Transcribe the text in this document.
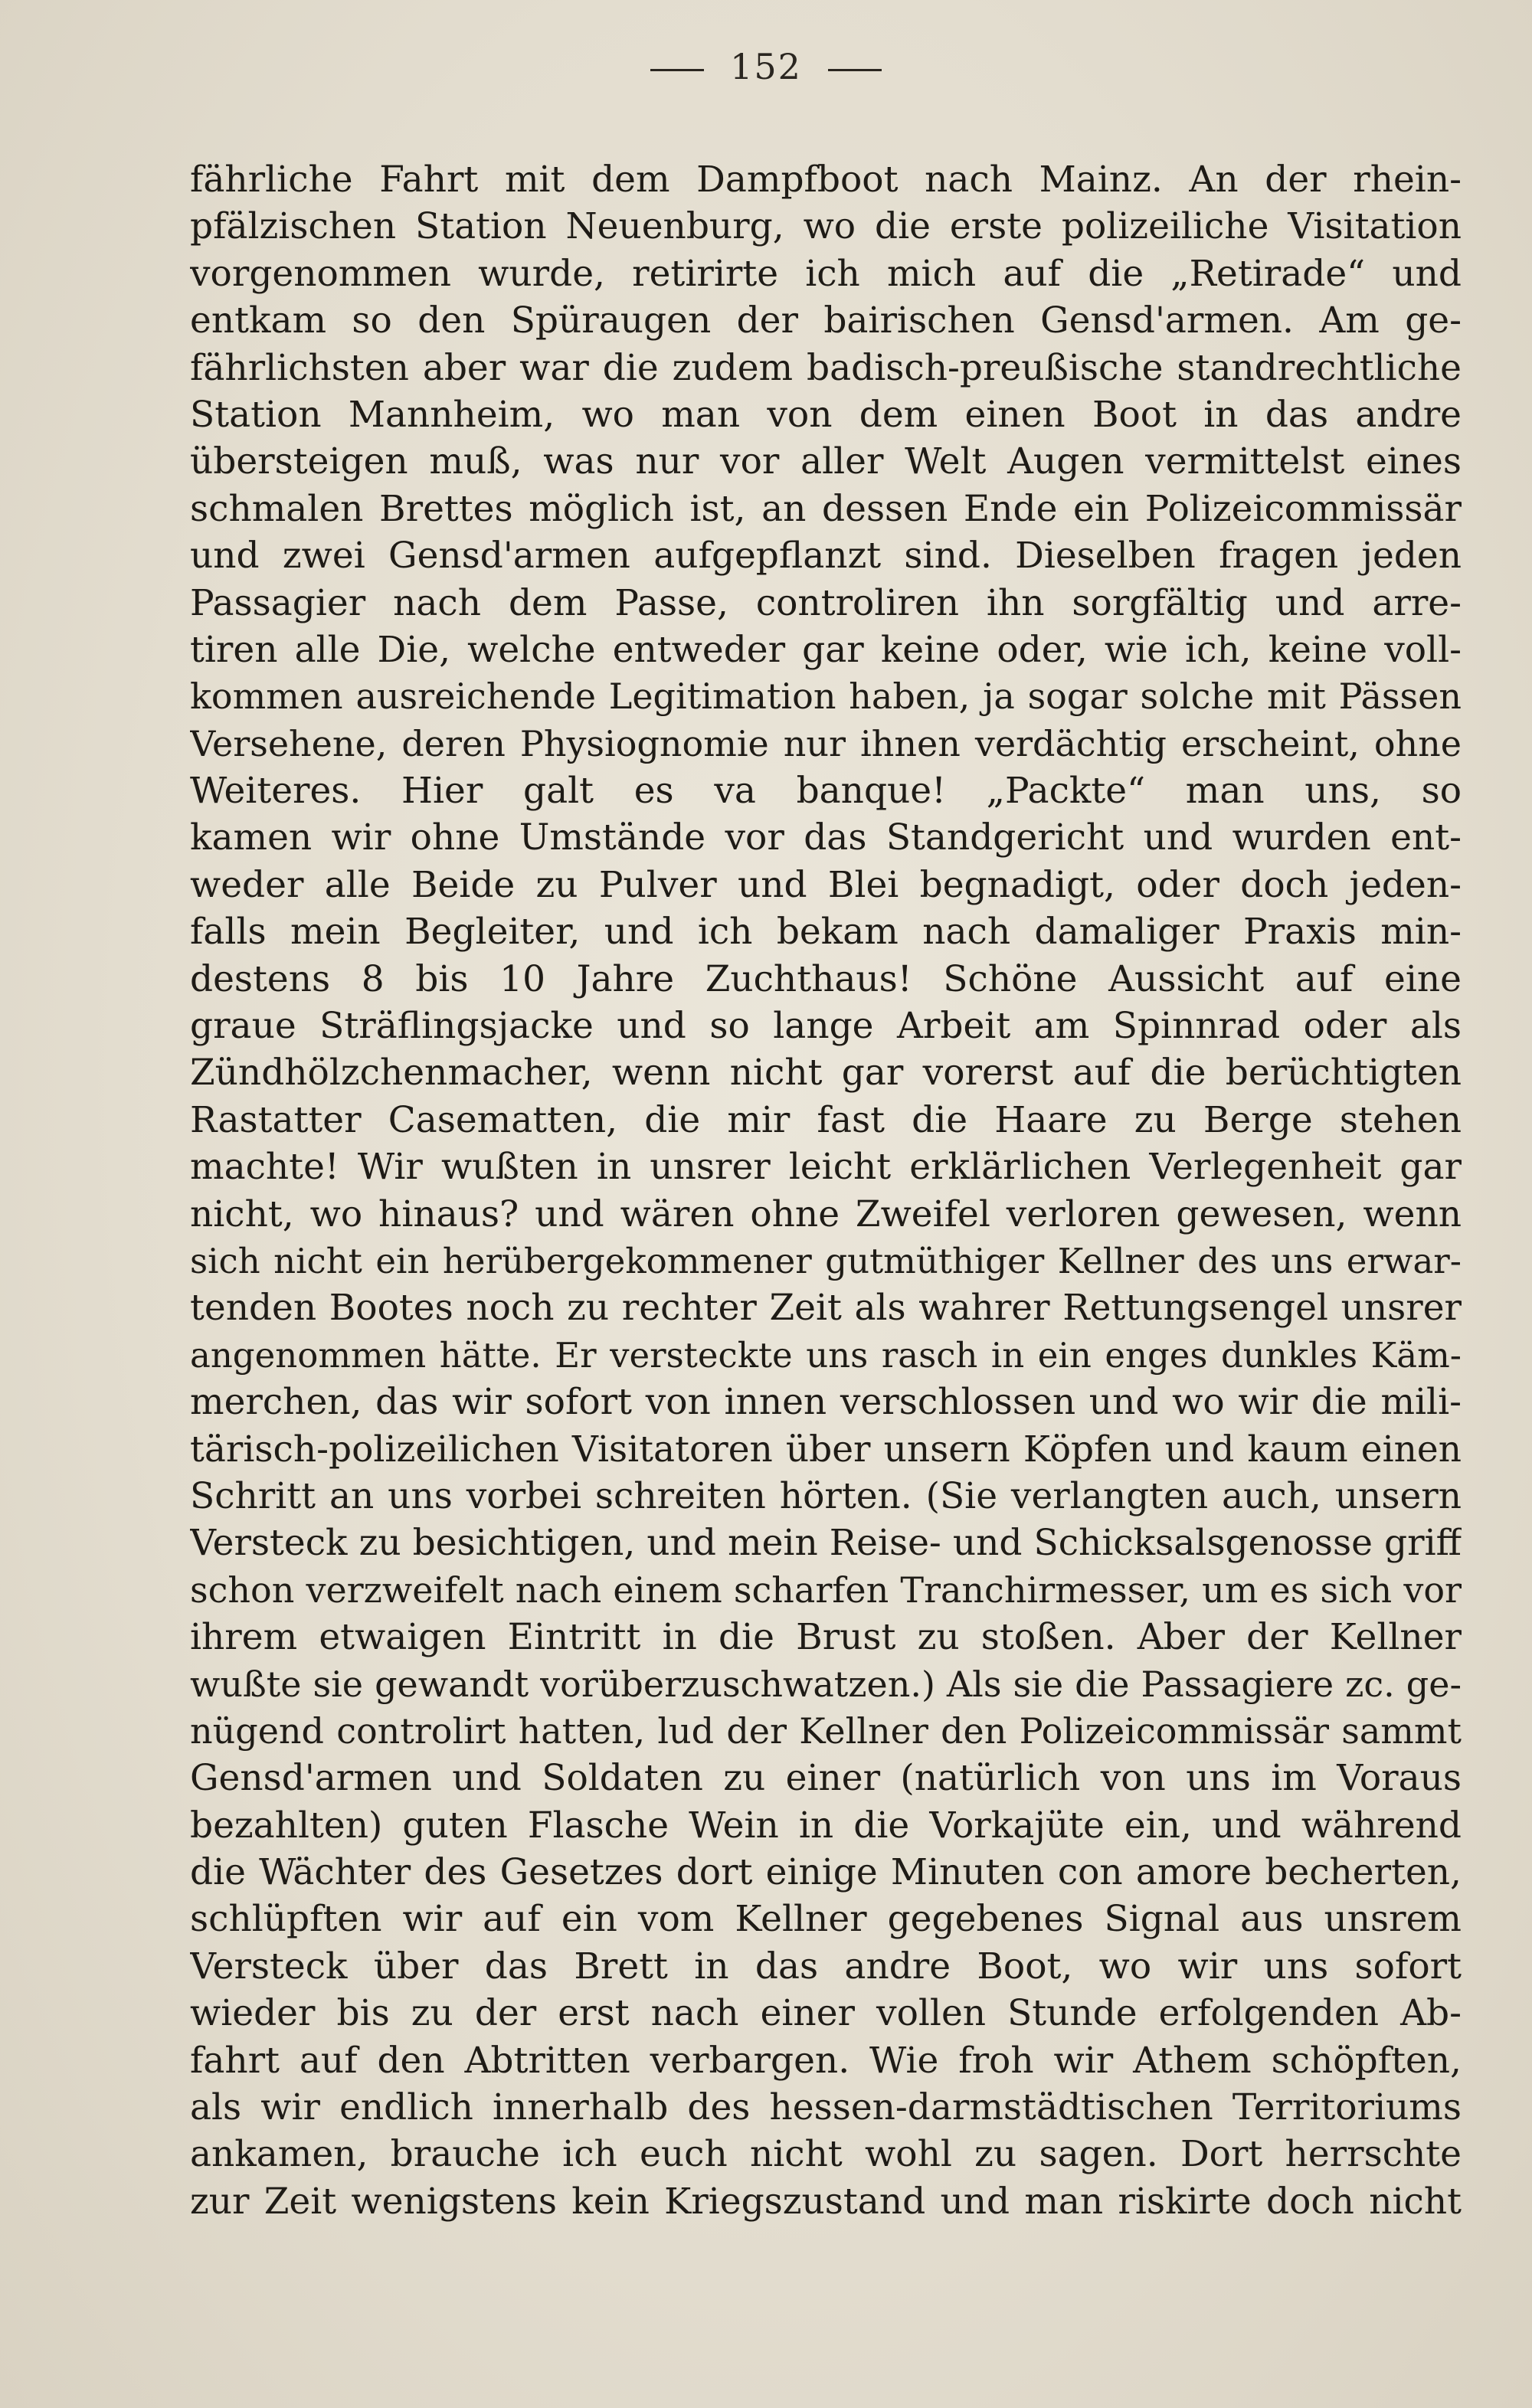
152
fährliche Fahrt mit dem Dampfboot nach Mainz. An der rhein-
pfälzischen Station Neuenburg, wo die erste polizeiliche Visitation
vorgenommen wurde, retirirte ich mich auf die „Retirade“ und
entkam so den Spüraugen der bairischen Gensd'armen. Am ge-
fährlichsten aber war die zudem badisch-preußische standrechtliche
Station Mannheim, wo man von dem einen Boot in das andre
übersteigen muß, was nur vor aller Welt Augen vermittelst eines
schmalen Brettes möglich ist, an dessen Ende ein Polizeicommissär
und zwei Gensd'armen aufgepflanzt sind. Dieselben fragen jeden
Passagier nach dem Passe, controliren ihn sorgfältig und arre-
tiren alle Die, welche entweder gar keine oder, wie ich, keine voll-
kommen ausreichende Legitimation haben, ja sogar solche mit Pässen
Versehene, deren Physiognomie nur ihnen verdächtig erscheint, ohne
Weiteres. Hier galt es va banque! „Packte“ man uns, so
kamen wir ohne Umstände vor das Standgericht und wurden ent-
weder alle Beide zu Pulver und Blei begnadigt, oder doch jeden-
falls mein Begleiter, und ich bekam nach damaliger Praxis min-
destens 8 bis 10 Jahre Zuchthaus! Schöne Aussicht auf eine
graue Sträflingsjacke und so lange Arbeit am Spinnrad oder als
Zündhölzchenmacher, wenn nicht gar vorerst auf die berüchtigten
Rastatter Casematten, die mir fast die Haare zu Berge stehen
machte! Wir wußten in unsrer leicht erklärlichen Verlegenheit gar
nicht, wo hinaus? und wären ohne Zweifel verloren gewesen, wenn
sich nicht ein herübergekommener gutmüthiger Kellner des uns erwar-
tenden Bootes noch zu rechter Zeit als wahrer Rettungsengel unsrer
angenommen hätte. Er versteckte uns rasch in ein enges dunkles Käm-
merchen, das wir sofort von innen verschlossen und wo wir die mili-
tärisch-polizeilichen Visitatoren über unsern Köpfen und kaum einen
Schritt an uns vorbei schreiten hörten. (Sie verlangten auch, unsern
Versteck zu besichtigen, und mein Reise- und Schicksalsgenosse griff
schon verzweifelt nach einem scharfen Tranchirmesser, um es sich vor
ihrem etwaigen Eintritt in die Brust zu stoßen. Aber der Kellner
wußte sie gewandt vorüberzuschwatzen.) Als sie die Passagiere zc. ge-
nügend controlirt hatten, lud der Kellner den Polizeicommissär sammt
Gensd'armen und Soldaten zu einer (natürlich von uns im Voraus
bezahlten) guten Flasche Wein in die Vorkajüte ein, und während
die Wächter des Gesetzes dort einige Minuten con amore becherten,
schlüpften wir auf ein vom Kellner gegebenes Signal aus unsrem
Versteck über das Brett in das andre Boot, wo wir uns sofort
wieder bis zu der erst nach einer vollen Stunde erfolgenden Ab-
fahrt auf den Abtritten verbargen. Wie froh wir Athem schöpften,
als wir endlich innerhalb des hessen-darmstädtischen Territoriums
ankamen, brauche ich euch nicht wohl zu sagen. Dort herrschte
zur Zeit wenigstens kein Kriegszustand und man riskirte doch nicht
